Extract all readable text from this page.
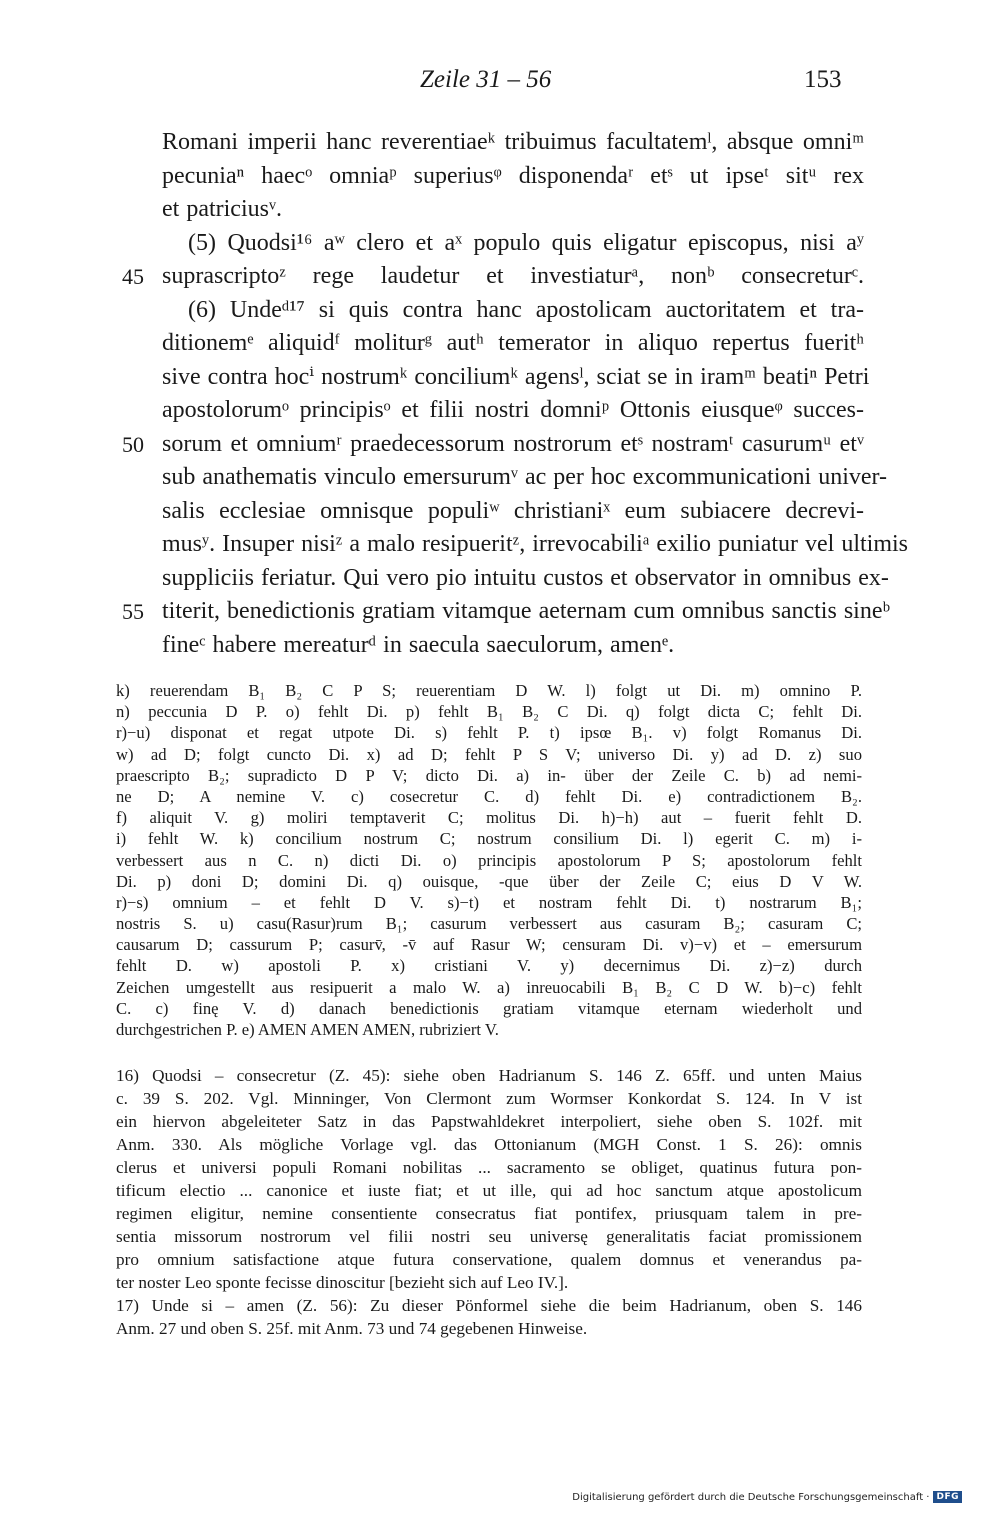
Zeile 31 – 56	153
Romani imperii hanc reverentiaeᵏ tribuimus facultatemˡ, absque omniᵐ
pecuniaⁿ haecᵒ omniaᵖ superiusᵠ disponendaʳ etˢ ut ipseᵗ sitᵘ rex
et patriciusᵛ.
(5) Quodsi¹⁶ aʷ clero et aˣ populo quis eligatur episcopus, nisi aʸ
45 suprascriptoᶻ rege laudetur et investiaturᵃ, nonᵇ consecreturᶜ.
(6) Undeᵈ¹⁷ si quis contra hanc apostolicam auctoritatem et tra-
ditionemᵉ aliquidᶠ moliturᵍ autʰ temerator in aliquo repertus fueritʰ
sive contra hocⁱ nostrumᵏ conciliumᵏ agensˡ, sciat se in iramᵐ beatiⁿ Petri
apostolorumᵒ principisᵒ et filii nostri domniᵖ Ottonis eiusqueᵠ succes-
50 sorum et omniumʳ praedecessorum nostrorum etˢ nostramᵗ casurumᵘ etᵛ
sub anathematis vinculo emersurumᵛ ac per hoc excommunicationi univer-
salis ecclesiae omnisque populiʷ christianiˣ eum subiacere decrevi-
musʸ. Insuper nisiᶻ a malo resipueritᶻ, irrevocabiliᵃ exilio puniatur vel ultimis
suppliciis feriatur. Qui vero pio intuitu custos et observator in omnibus ex-
55 titerit, benedictionis gratiam vitamque aeternam cum omnibus sanctis sineᵇ
fineᶜ habere mereaturᵈ in saecula saeculorum, amenᵉ.
k) reuerendam B₁ B₂ C P S; reuerentiam D W. l) folgt ut Di. m) omnino P.
n) peccunia D P. o) fehlt Di. p) fehlt B₁ B₂ C Di. q) folgt dicta C; fehlt Di.
r)−u) disponat et regat utpote Di. s) fehlt P. t) ipsœ B₁. v) folgt Romanus Di.
w) ad D; folgt cuncto Di. x) ad D; fehlt P S V; universo Di. y) ad D. z) suo
praescripto B₂; supradicto D P V; dicto Di. a) in- über der Zeile C. b) ad nemi-
ne D; A nemine V. c) cosecretur C. d) fehlt Di. e) contradictionem B₂.
f) aliquit V. g) moliri temptaverit C; molitus Di. h)−h) aut – fuerit fehlt D.
i) fehlt W. k) concilium nostrum C; nostrum consilium Di. l) egerit C. m) i-
verbessert aus n C. n) dicti Di. o) principis apostolorum P S; apostolorum fehlt
Di. p) doni D; domini Di. q) ouisque, -que über der Zeile C; eius D V W.
r)−s) omnium – et fehlt D V. s)−t) et nostram fehlt Di. t) nostrarum B₁;
nostris S. u) casu(Rasur)rum B₁; casurum verbessert aus casuram B₂; casuram C;
causarum D; cassurum P; casurv̄, -v̄ auf Rasur W; censuram Di. v)−v) et – emersurum
fehlt D. w) apostoli P. x) cristiani V. y) decernimus Di. z)−z) durch
Zeichen umgestellt aus resipuerit a malo W. a) inreuocabili B₁ B₂ C D W. b)−c) fehlt
C. c) finę V. d) danach benedictionis gratiam vitamque eternam wiederholt und
durchgestrichen P. e) AMEN AMEN AMEN, rubriziert V.
16) Quodsi – consecretur (Z. 45): siehe oben Hadrianum S. 146 Z. 65ff. und unten Maius
c. 39 S. 202. Vgl. Minninger, Von Clermont zum Wormser Konkordat S. 124. In V ist
ein hiervon abgeleiteter Satz in das Papstwahldekret interpoliert, siehe oben S. 102f. mit
Anm. 330. Als mögliche Vorlage vgl. das Ottonianum (MGH Const. 1 S. 26): omnis
clerus et universi populi Romani nobilitas ... sacramento se obliget, quatinus futura pon-
tificum electio ... canonice et iuste fiat; et ut ille, qui ad hoc sanctum atque apostolicum
regimen eligitur, nemine consentiente consecratus fiat pontifex, priusquam talem in pre-
sentia missorum nostrorum vel filii nostri seu universę generalitatis faciat promissionem
pro omnium satisfactione atque futura conservatione, qualem domnus et venerandus pa-
ter noster Leo sponte fecisse dinoscitur [bezieht sich auf Leo IV.].
17) Unde si – amen (Z. 56): Zu dieser Pönformel siehe die beim Hadrianum, oben S. 146
Anm. 27 und oben S. 25f. mit Anm. 73 und 74 gegebenen Hinweise.
Digitalisierung gefördert durch die Deutsche Forschungsgemeinschaft · DFG
